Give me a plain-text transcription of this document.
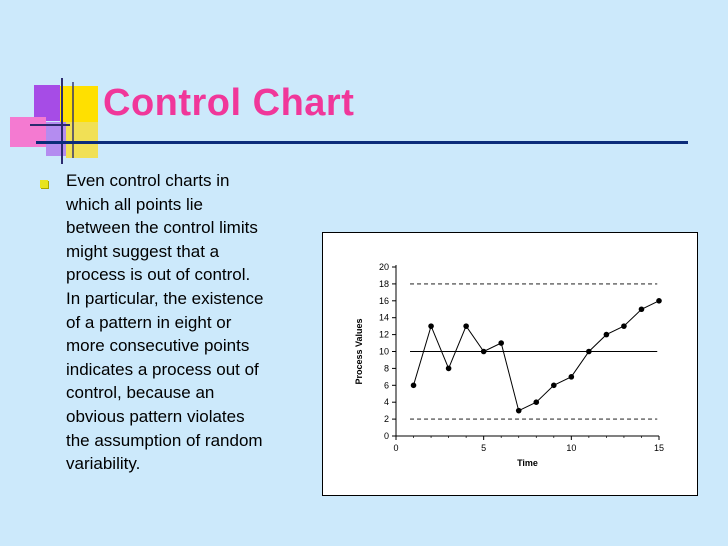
Control Chart
Even control charts in
which all points lie
between the control limits
might suggest that a
process is out of control.
In particular, the existence
of a pattern in eight or
more consecutive points
indicates a process out of
control, because an
obvious pattern violates
the assumption of random
variability.
0
2
4
6
8
10
12
14
16
18
20
0	5	10	15
Time
Process Values
